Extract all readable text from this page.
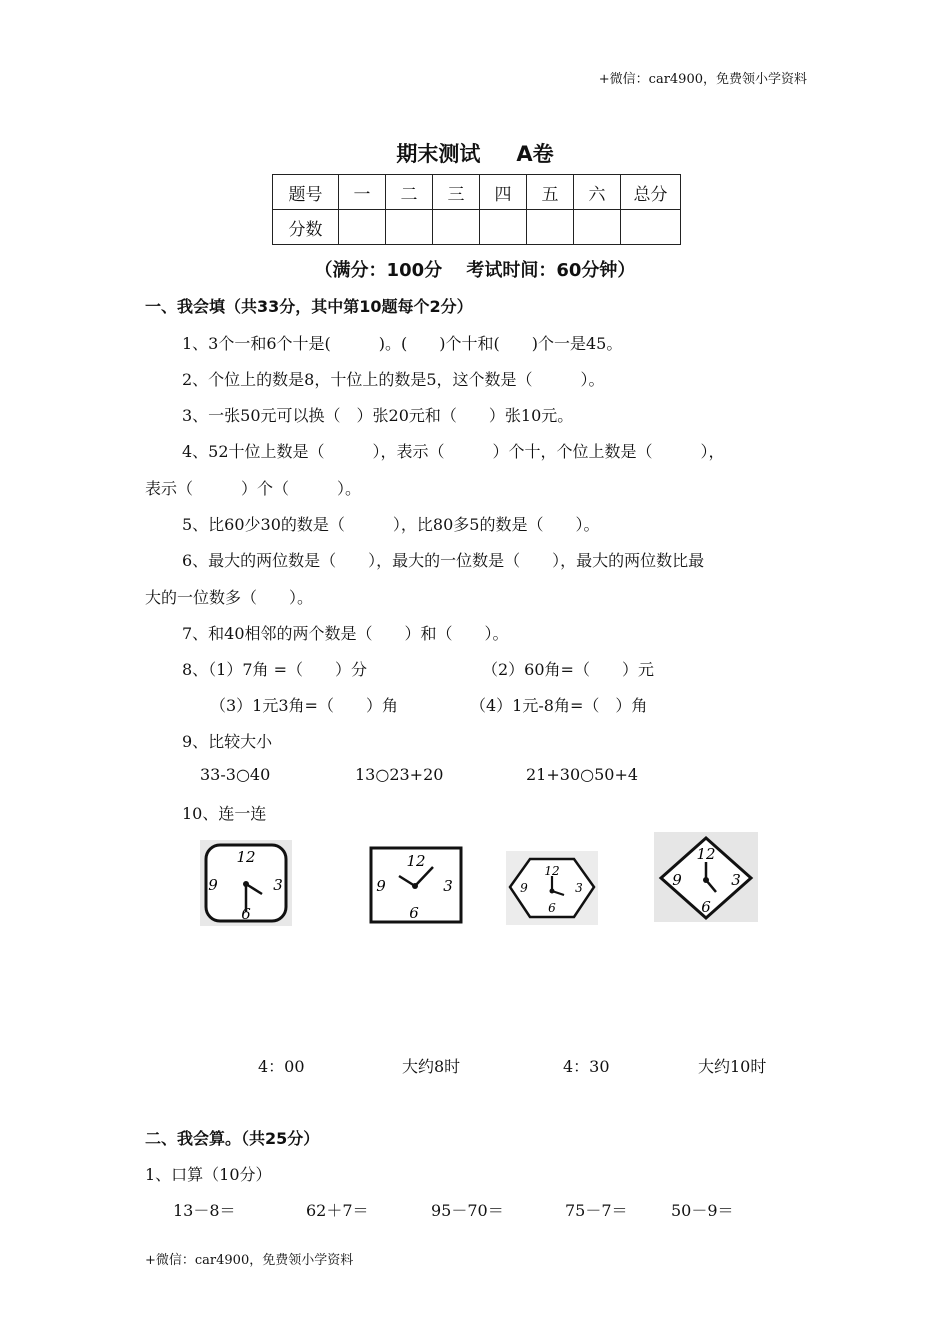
+微信：car4900，免费领小学资料
期末测试 A卷
题号	一	二	三	四	五	六	总分
分数							
（满分：100分　 考试时间：60分钟）
一、我会填（共33分，其中第10题每个2分）
1、3个一和6个十是(　　　)。(　　)个十和(　　)个一是45。
2、个位上的数是8，十位上的数是5，这个数是（　　　）。
3、一张50元可以换（　）张20元和（　　）张10元。
4、52十位上数是（　　　），表示（　　　）个十，个位上数是（　　　），
表示（　　　）个（　　　）。
5、比60少30的数是（　　　），比80多5的数是（　　）。
6、最大的两位数是（　　），最大的一位数是（　　），最大的两位数比最
大的一位数多（　　）。
7、和40相邻的两个数是（　　）和（　　）。
8、（1）7角 =（　　）分	（2）60角=（　　）元
（3）1元3角=（　　）角	（4）1元-8角=（　）角
9、比较大小
33-3○40	13○23+20	21+30○50+4
10、连一连
12
3
6
9
12
3
6
9
12
3
6
9
12
3
6
9
4：00	大约8时	4：30	大约10时
二、我会算。（共25分）
1、口算（10分）
13－8＝	62＋7＝	95－70＝	75－7＝	50－9＝
+微信：car4900，免费领小学资料
